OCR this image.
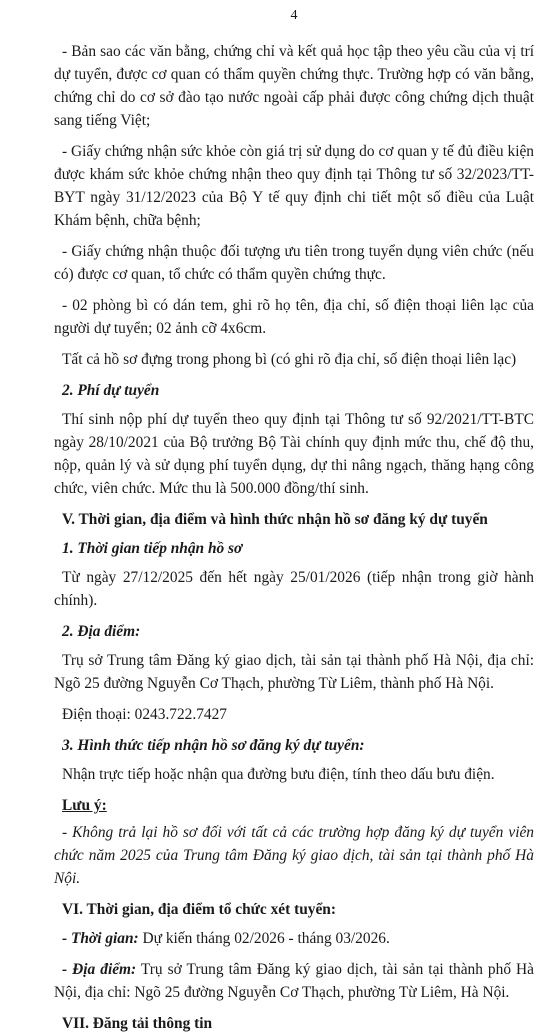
4

- Bản sao các văn bằng, chứng chỉ và kết quả học tập theo yêu cầu của vị trí dự tuyển, được cơ quan có thẩm quyền chứng thực. Trường hợp có văn bằng, chứng chỉ do cơ sở đào tạo nước ngoài cấp phải được công chứng dịch thuật sang tiếng Việt;

- Giấy chứng nhận sức khỏe còn giá trị sử dụng do cơ quan y tế đủ điều kiện được khám sức khỏe chứng nhận theo quy định tại Thông tư số 32/2023/TT-BYT ngày 31/12/2023 của Bộ Y tế quy định chi tiết một số điều của Luật Khám bệnh, chữa bệnh;

- Giấy chứng nhận thuộc đối tượng ưu tiên trong tuyển dụng viên chức (nếu có) được cơ quan, tổ chức có thẩm quyền chứng thực.

- 02 phòng bì có dán tem, ghi rõ họ tên, địa chỉ, số điện thoại liên lạc của người dự tuyển; 02 ảnh cỡ 4x6cm.

Tất cả hồ sơ đựng trong phong bì (có ghi rõ địa chỉ, số điện thoại liên lạc)

2. Phí dự tuyển

Thí sinh nộp phí dự tuyển theo quy định tại Thông tư số 92/2021/TT-BTC ngày 28/10/2021 của Bộ trưởng Bộ Tài chính quy định mức thu, chế độ thu, nộp, quản lý và sử dụng phí tuyển dụng, dự thi nâng ngạch, thăng hạng công chức, viên chức. Mức thu là 500.000 đồng/thí sinh.

V. Thời gian, địa điểm và hình thức nhận hồ sơ đăng ký dự tuyển

1. Thời gian tiếp nhận hồ sơ

Từ ngày 27/12/2025 đến hết ngày 25/01/2026 (tiếp nhận trong giờ hành chính).

2. Địa điểm:

Trụ sở Trung tâm Đăng ký giao dịch, tài sản tại thành phố Hà Nội, địa chỉ: Ngõ 25 đường Nguyễn Cơ Thạch, phường Từ Liêm, thành phố Hà Nội.

Điện thoại: 0243.722.7427

3. Hình thức tiếp nhận hồ sơ đăng ký dự tuyển:

Nhận trực tiếp hoặc nhận qua đường bưu điện, tính theo dấu bưu điện.

Lưu ý:

- Không trả lại hồ sơ đối với tất cả các trường hợp đăng ký dự tuyển viên chức năm 2025 của Trung tâm Đăng ký giao dịch, tài sản tại thành phố Hà Nội.

VI. Thời gian, địa điểm tổ chức xét tuyển:

- Thời gian: Dự kiến tháng 02/2026 - tháng 03/2026.

- Địa điểm: Trụ sở Trung tâm Đăng ký giao dịch, tài sản tại thành phố Hà Nội, địa chỉ: Ngõ 25 đường Nguyễn Cơ Thạch, phường Từ Liêm, Hà Nội.

VII. Đăng tải thông tin
